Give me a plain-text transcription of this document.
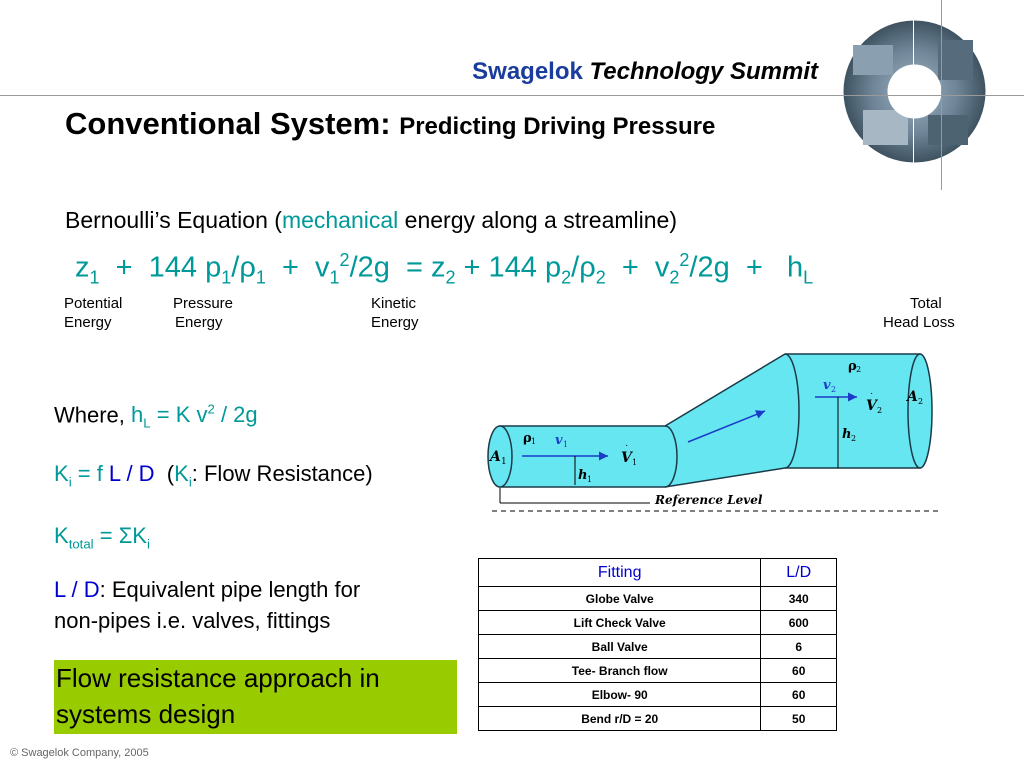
Swagelok Technology Summit
Conventional System: Predicting Driving Pressure
Bernoulli’s Equation (mechanical energy along a streamline)
$z_1 + 144$ $p_1/\rho_1 + v_1^2/2g = z_2 + 144$ $p_2/\rho_2 + v_2^2/2g + h_L$
Potential
Energy
Pressure
Energy
Kinetic
Energy
Total
Head Loss
Where, $h_L = K$ $v^2 / 2g$
$K_i = f$ L / D  ($K_i$: Flow Resistance)
$K_{total} = \Sigma K_i$
L / D: Equivalent pipe length for
non-pipes i.e. valves, fittings
Flow resistance approach in
systems design
A 1
ρ 1 v 1
h 1
V 1
·
ρ 2
v 2
h 2
V 2
· A 2
Reference Level
Fitting	L/D
Globe Valve	340
Lift Check Valve	600
Ball Valve	6
Tee- Branch flow	60
Elbow- 90	60
Bend r/D = 20	50
© Swagelok Company, 2005
